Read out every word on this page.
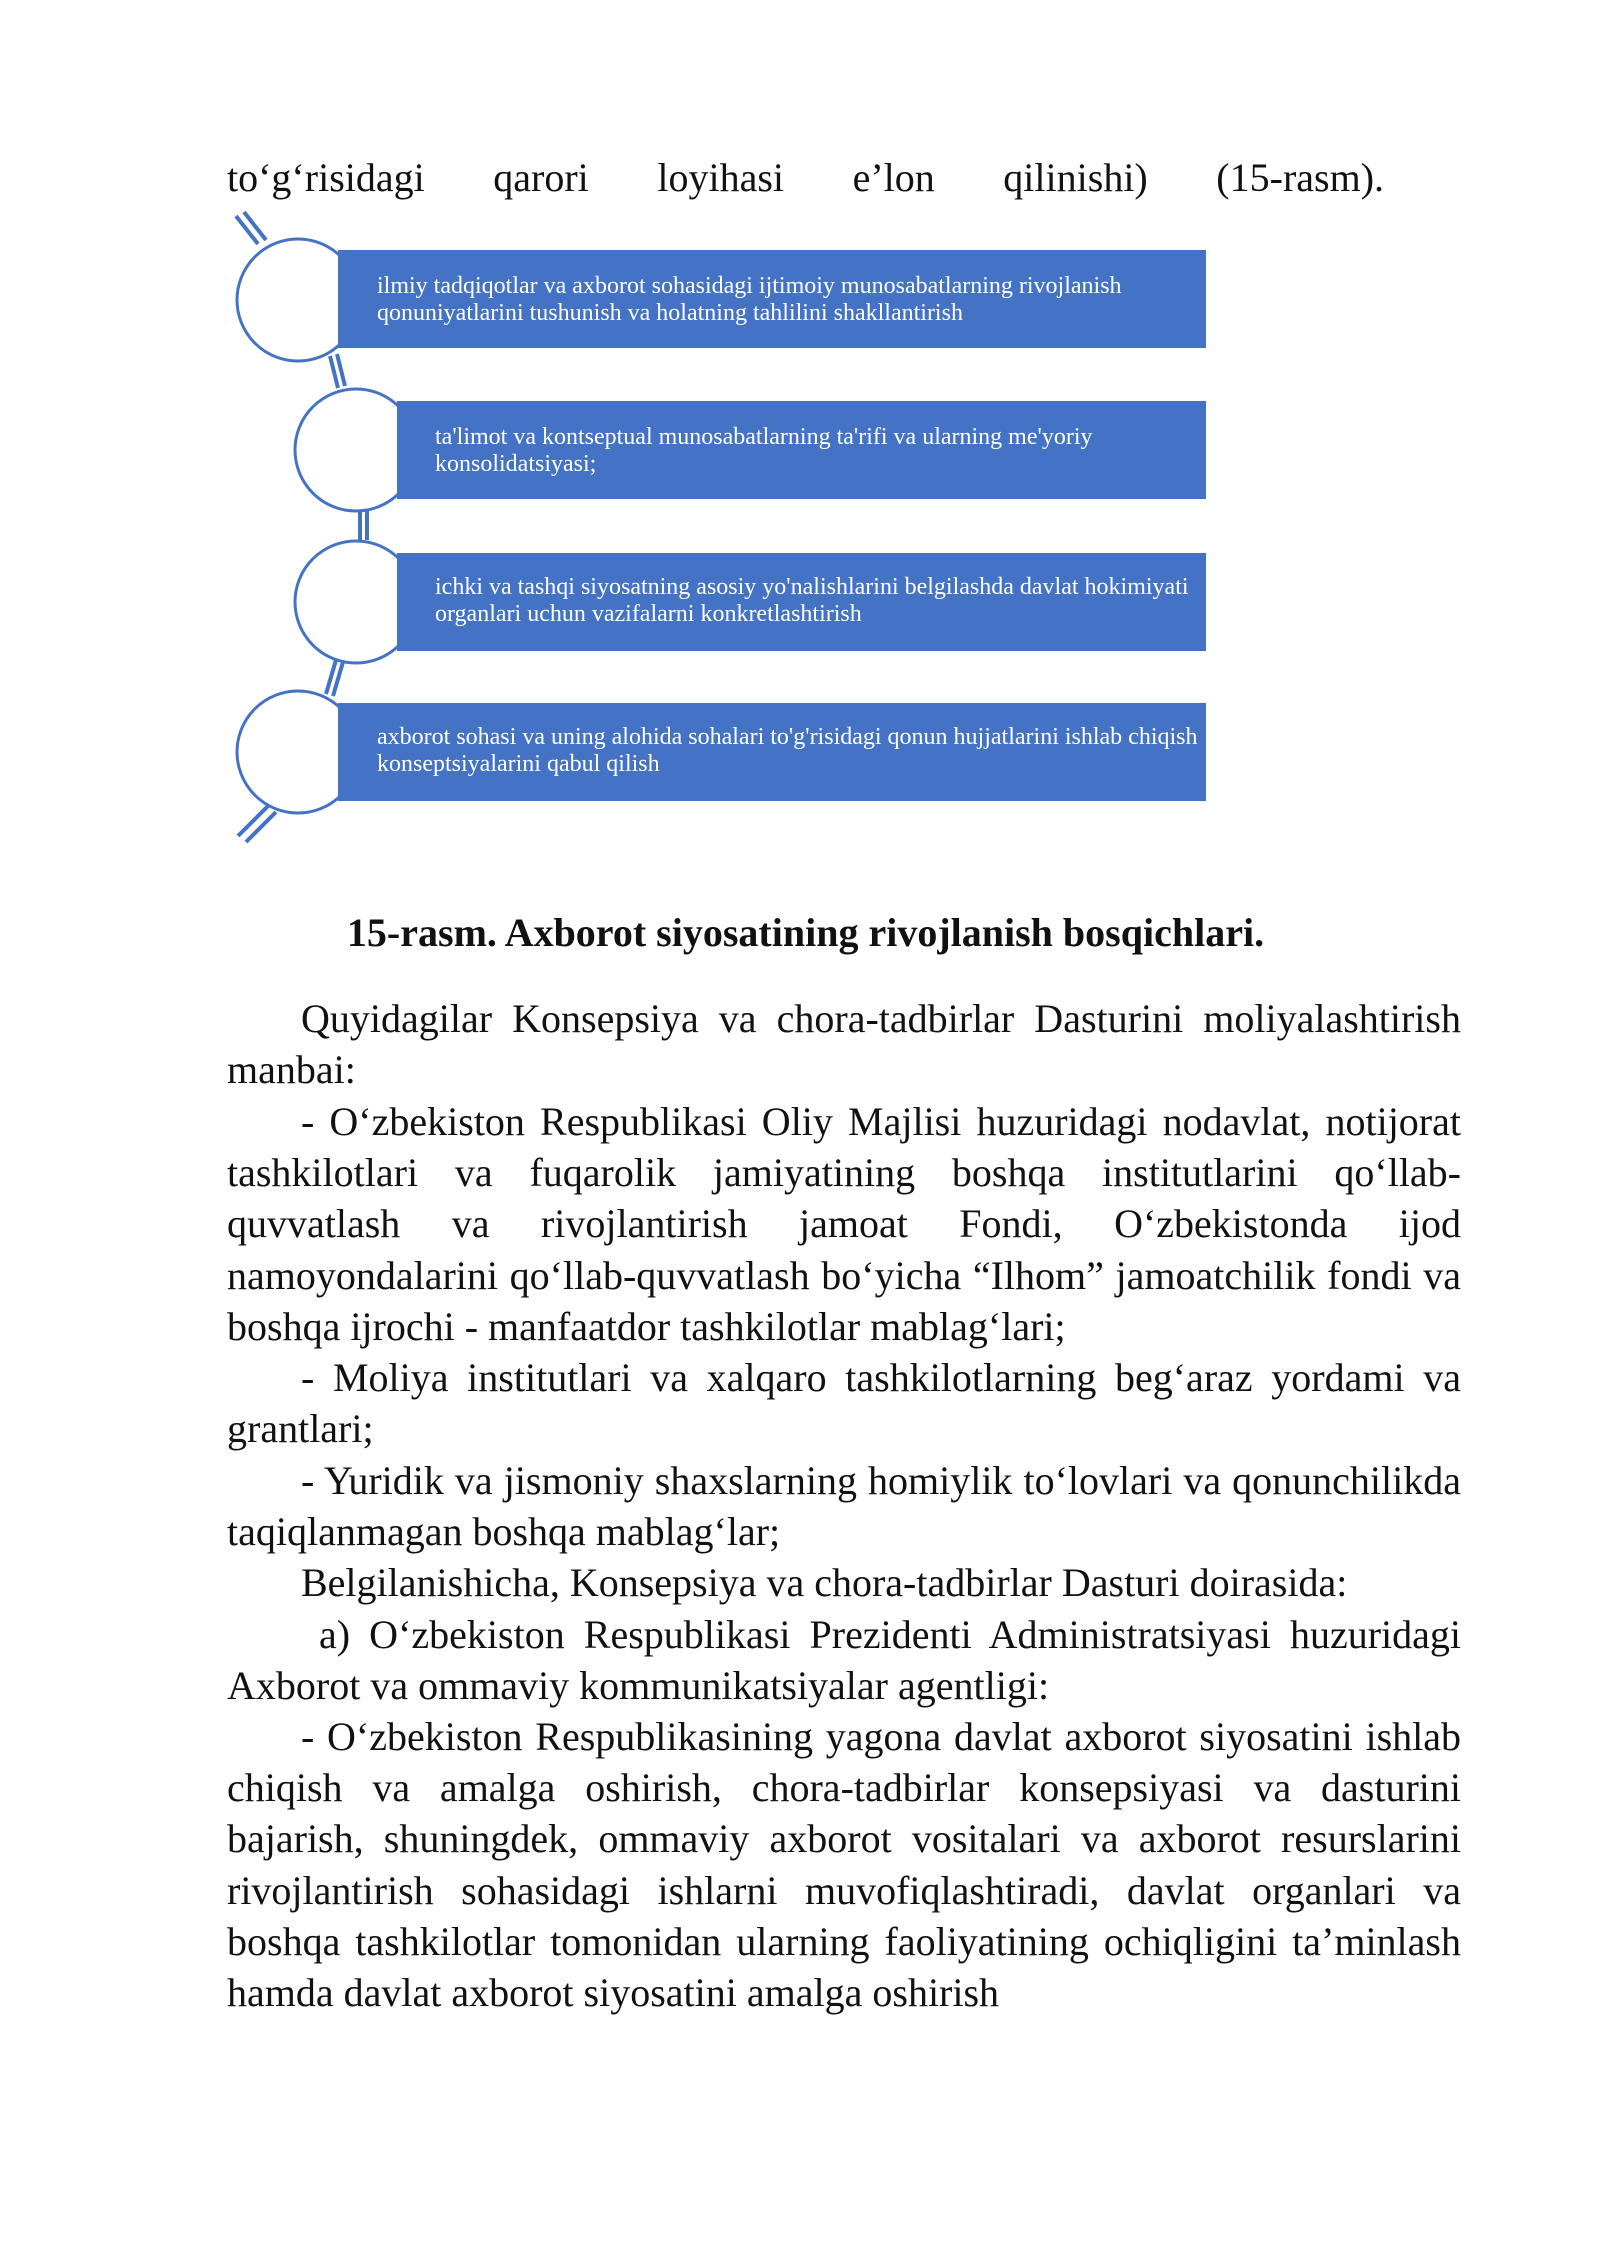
to‘g‘risidagi qarori loyihasi e’lon qilinishi) (15-rasm).
ilmiy tadqiqotlar va axborot sohasidagi ijtimoiy munosabatlarning rivojlanish qonuniyatlarini tushunish va holatning tahlilini shakllantirish
ta'limot va kontseptual munosabatlarning ta'rifi va ularning me'yoriy konsolidatsiyasi;
ichki va tashqi siyosatning asosiy yo'nalishlarini belgilashda davlat hokimiyati organlari uchun vazifalarni konkretlashtirish
axborot sohasi va uning alohida sohalari to'g'risidagi qonun hujjatlarini ishlab chiqish konseptsiyalarini qabul qilish
15-rasm. Axborot siyosatining rivojlanish bosqichlari.

Quyidagilar Konsepsiya va chora-tadbirlar Dasturini moliyalashtirish manbai:

- O‘zbekiston Respublikasi Oliy Majlisi huzuridagi nodavlat, notijorat tashkilotlari va fuqarolik jamiyatining boshqa institutlarini qo‘llab-quvvatlash va rivojlantirish jamoat Fondi, O‘zbekistonda ijod namoyondalarini qo‘llab-quvvatlash bo‘yicha “Ilhom” jamoatchilik fondi va boshqa ijrochi - manfaatdor tashkilotlar mablag‘lari;

- Moliya institutlari va xalqaro tashkilotlarning beg‘araz yordami va grantlari;

- Yuridik va jismoniy shaxslarning homiylik to‘lovlari va qonunchilikda taqiqlanmagan boshqa mablag‘lar;

Belgilanishicha, Konsepsiya va chora-tadbirlar Dasturi doirasida:

a) O‘zbekiston Respublikasi Prezidenti Administratsiyasi huzuridagi Axborot va ommaviy kommunikatsiyalar agentligi:

- O‘zbekiston Respublikasining yagona davlat axborot siyosatini ishlab chiqish va amalga oshirish, chora-tadbirlar konsepsiyasi va dasturini bajarish, shuningdek, ommaviy axborot vositalari va axborot resurslarini rivojlantirish sohasidagi ishlarni muvofiqlashtiradi, davlat organlari va boshqa tashkilotlar tomonidan ularning faoliyatining ochiqligini ta’minlash hamda davlat axborot siyosatini amalga oshirish
